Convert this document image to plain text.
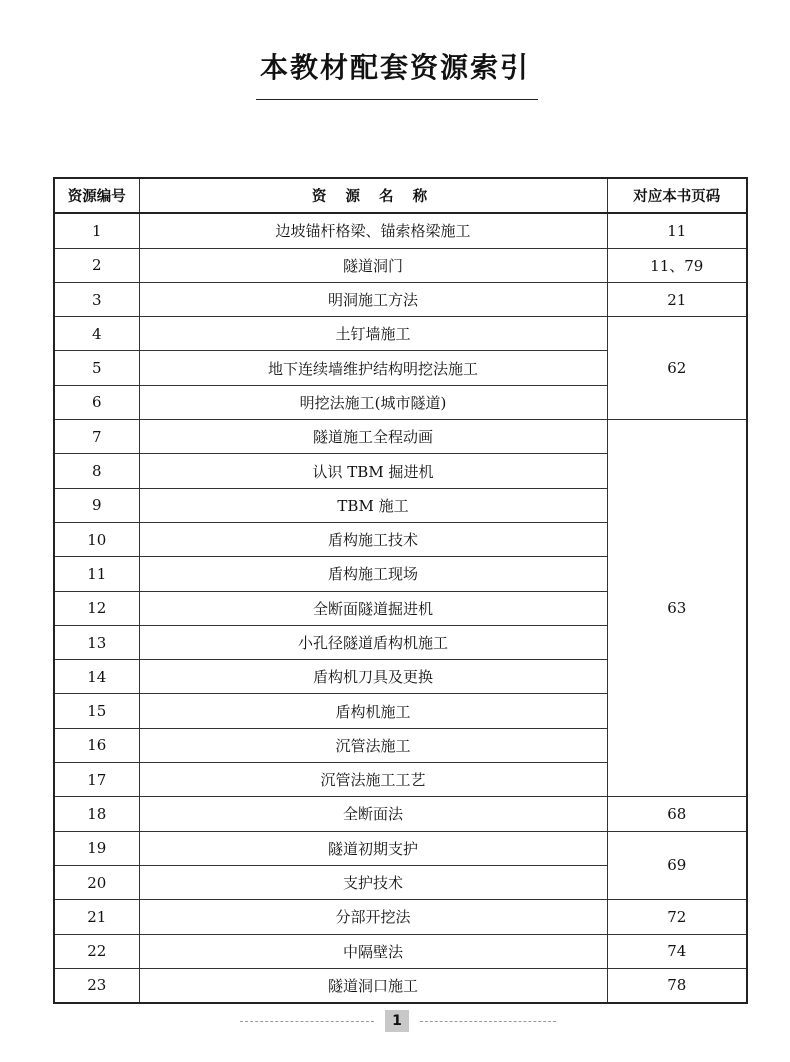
本教材配套资源索引
资源编号	资 源 名 称	对应本书页码
1	边坡锚杆格梁、锚索格梁施工	11
2	隧道洞门	11、79
3	明洞施工方法	21
4	土钉墙施工	62
5	地下连续墙维护结构明挖法施工	
6	明挖法施工(城市隧道)	
7	隧道施工全程动画	63
8	认识 TBM 掘进机	
9	TBM 施工	
10	盾构施工技术	
11	盾构施工现场	
12	全断面隧道掘进机	
13	小孔径隧道盾构机施工	
14	盾构机刀具及更换	
15	盾构机施工	
16	沉管法施工	
17	沉管法施工工艺	
18	全断面法	68
19	隧道初期支护	69
20	支护技术	
21	分部开挖法	72
22	中隔壁法	74
23	隧道洞口施工	78
1
